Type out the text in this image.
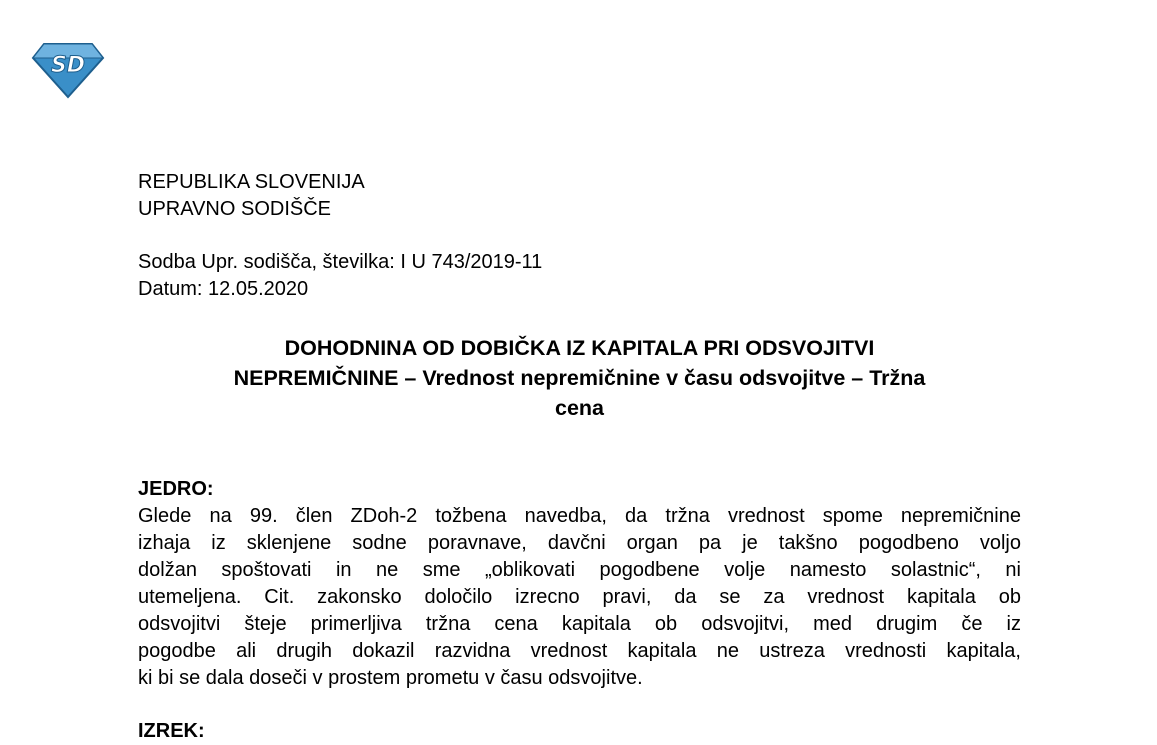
SD
REPUBLIKA SLOVENIJA
UPRAVNO SODIŠČE
Sodba Upr. sodišča, številka: I U 743/2019-11
Datum: 12.05.2020
DOHODNINA OD DOBIČKA IZ KAPITALA PRI ODSVOJITVI
NEPREMIČNINE – Vrednost nepremičnine v času odsvojitve – Tržna
cena
JEDRO:
Glede na 99. člen ZDoh-2 tožbena navedba, da tržna vrednost spome nepremičnine
izhaja iz sklenjene sodne poravnave, davčni organ pa je takšno pogodbeno voljo
dolžan spoštovati in ne sme „oblikovati pogodbene volje namesto solastnic“, ni
utemeljena. Cit. zakonsko določilo izrecno pravi, da se za vrednost kapitala ob
odsvojitvi šteje primerljiva tržna cena kapitala ob odsvojitvi, med drugim če iz
pogodbe ali drugih dokazil razvidna vrednost kapitala ne ustreza vrednosti kapitala,
ki bi se dala doseči v prostem prometu v času odsvojitve.
IZREK:
